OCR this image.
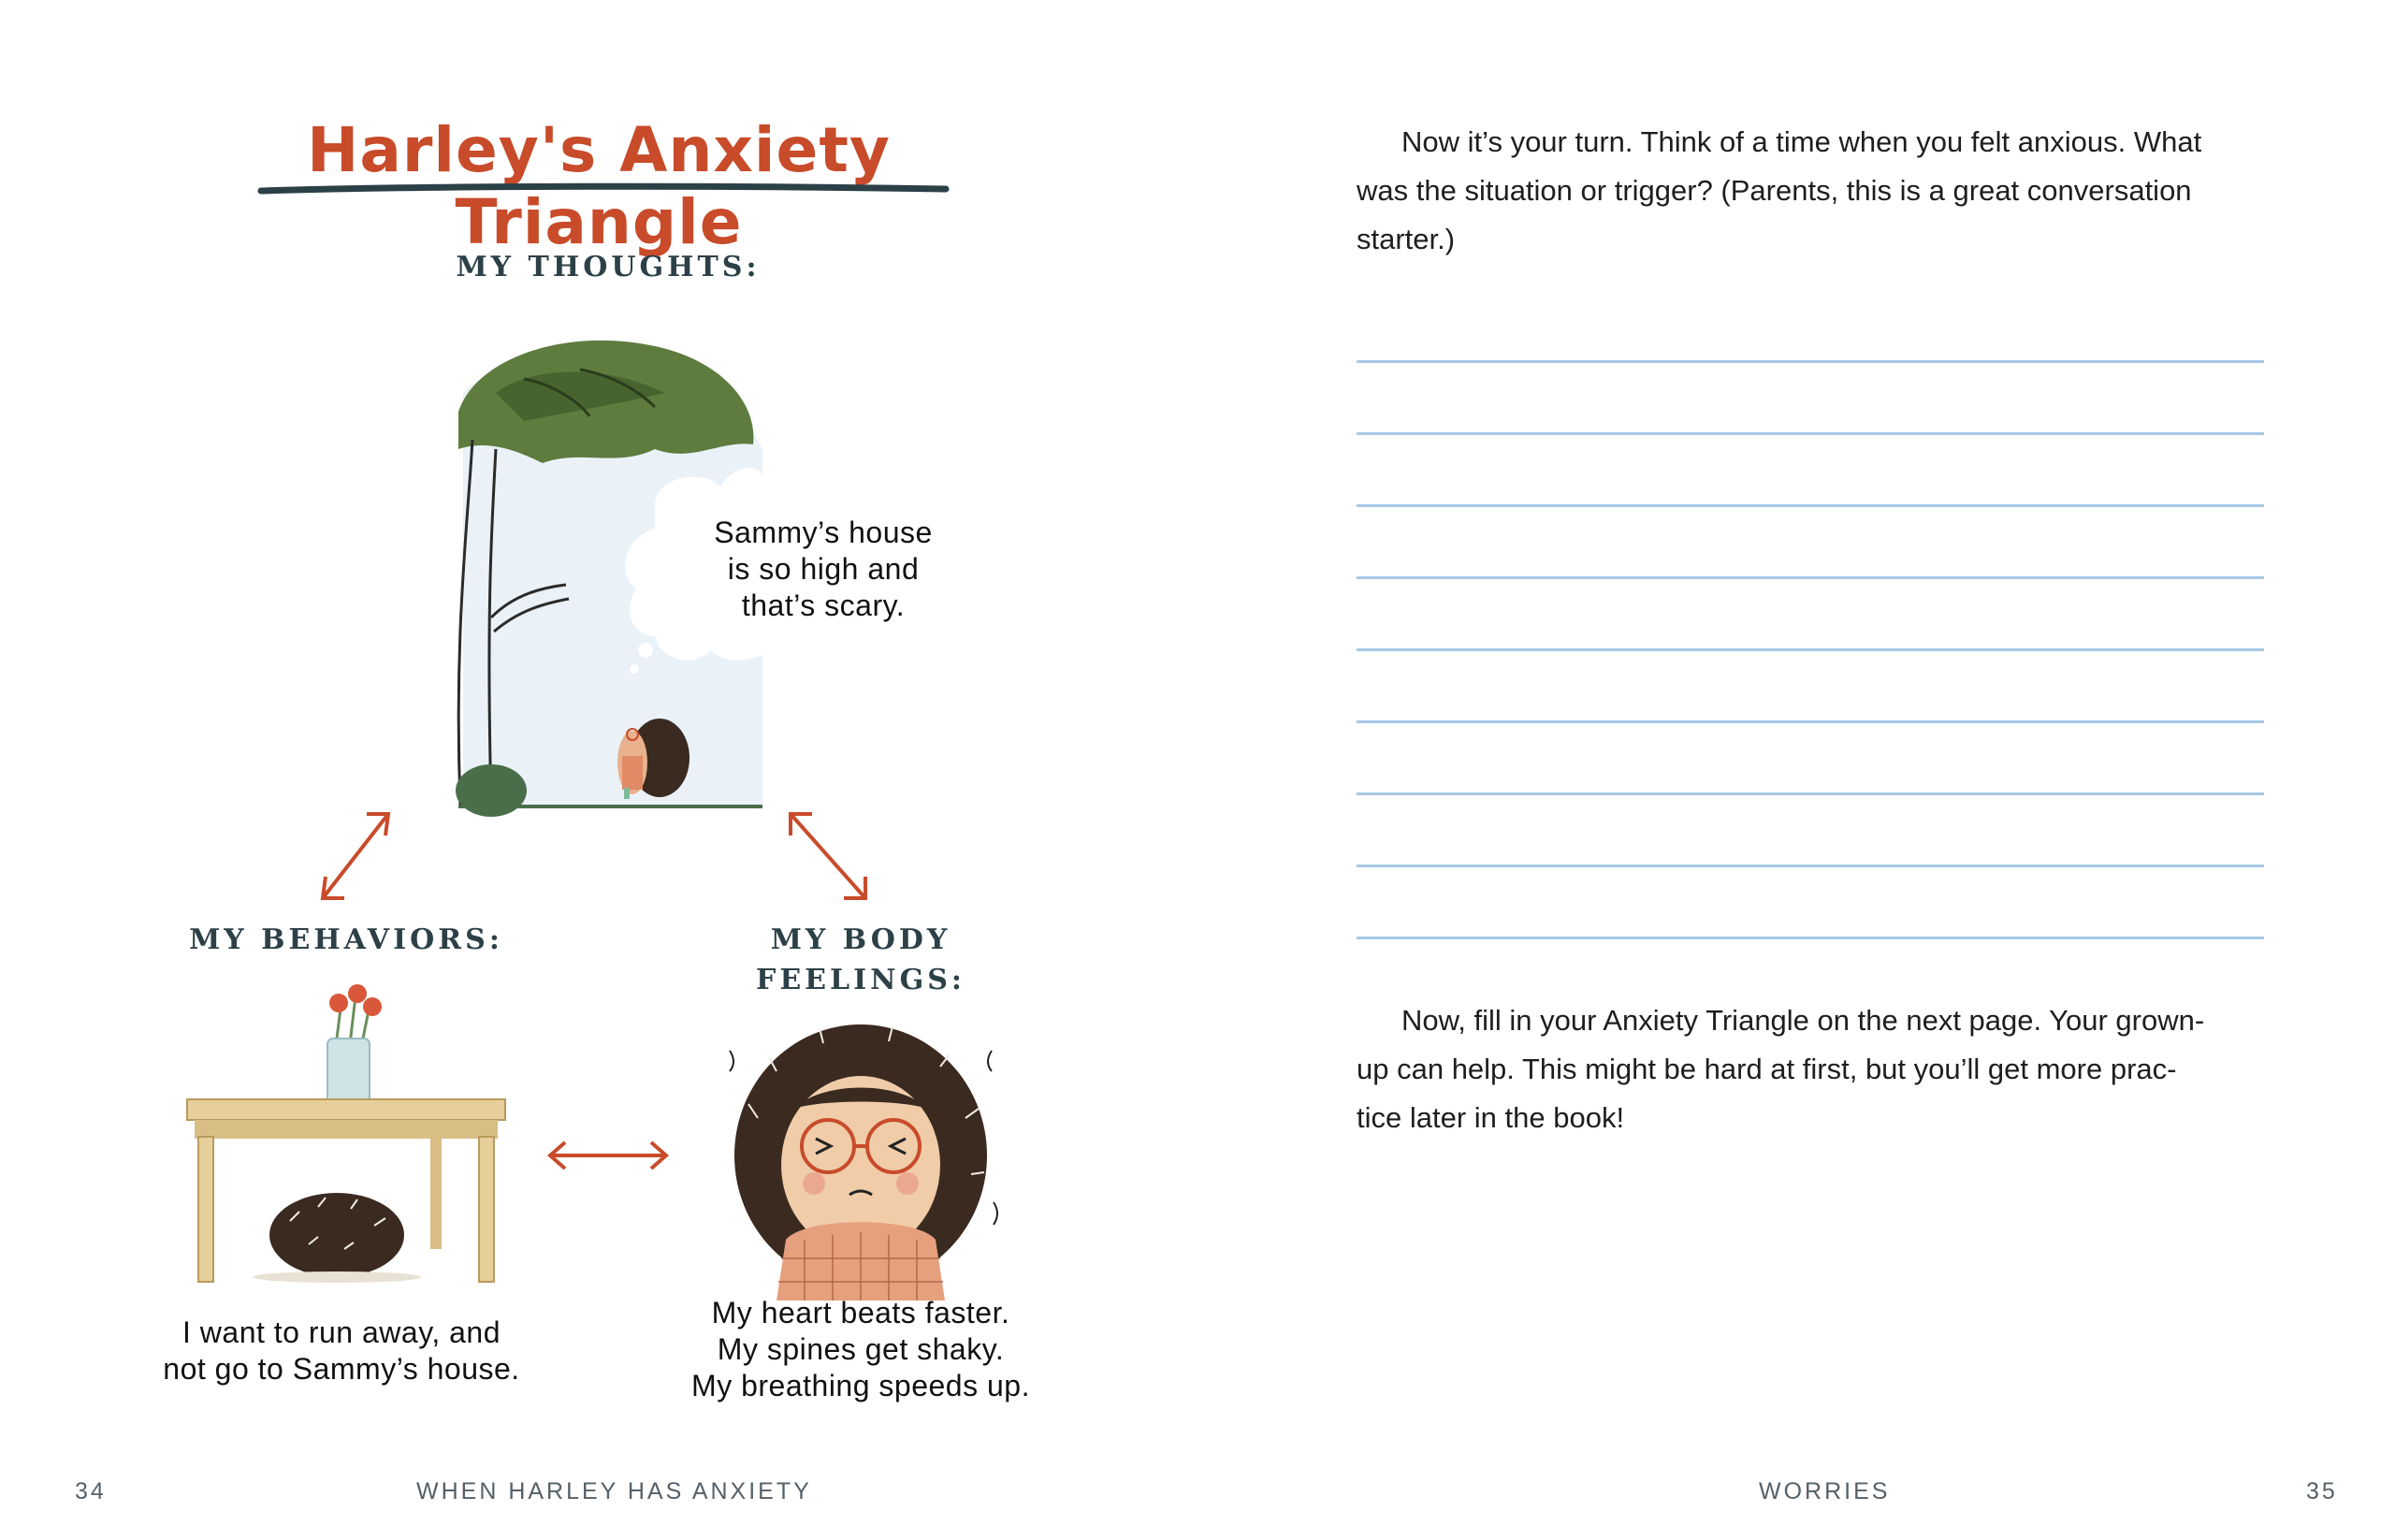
Harley's Anxiety Triangle
MY THOUGHTS:
Sammy’s house
is so high and
that’s scary.
MY BEHAVIORS:	MY BODY
FEELINGS:
I want to run away, and
not go to Sammy’s house.
My heart beats faster.
My spines get shaky.
My breathing speeds up.
34	WHEN HARLEY HAS ANXIETY
Now it’s your turn. Think of a time when you felt anxious. What
was the situation or trigger? (Parents, this is a great conversation
starter.)
Now, fill in your Anxiety Triangle on the next page. Your grown-
up can help. This might be hard at first, but you’ll get more prac-
tice later in the book!
WORRIES	35
